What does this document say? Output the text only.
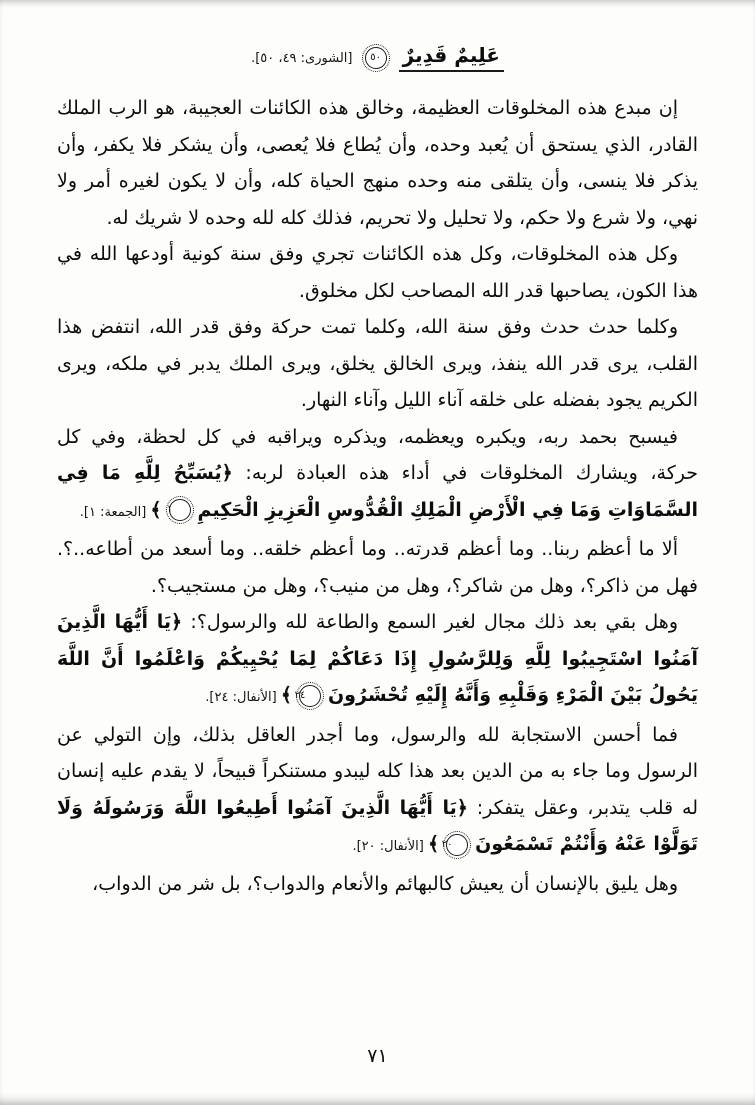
عَلِيمٌ قَدِيرٌ ٥٠ [الشورى: ٤٩، ٥٠].

إن مبدع هذه المخلوقات العظيمة، وخالق هذه الكائنات العجيبة، هو الرب الملك القادر، الذي يستحق أن يُعبد وحده، وأن يُطاع فلا يُعصى، وأن يشكر فلا يكفر، وأن يذكر فلا ينسى، وأن يتلقى منه وحده منهج الحياة كله، وأن لا يكون لغيره أمر ولا نهي، ولا شرع ولا حكم، ولا تحليل ولا تحريم، فذلك كله لله وحده لا شريك له.

وكل هذه المخلوقات، وكل هذه الكائنات تجري وفق سنة كونية أودعها الله في هذا الكون، يصاحبها قدر الله المصاحب لكل مخلوق.

وكلما حدث حدث وفق سنة الله، وكلما تمت حركة وفق قدر الله، انتفض هذا القلب، يرى قدر الله ينفذ، ويرى الخالق يخلق، ويرى الملك يدبر في ملكه، ويرى الكريم يجود بفضله على خلقه آناء الليل وآناء النهار.

فيسبح بحمد ربه، ويكبره ويعظمه، ويذكره ويراقبه في كل لحظة، وفي كل حركة، ويشارك المخلوقات في أداء هذه العبادة لربه: ﴿يُسَبِّحُ لِلَّهِ مَا فِي السَّمَاوَاتِ وَمَا فِي الْأَرْضِ الْمَلِكِ الْقُدُّوسِ الْعَزِيزِ الْحَكِيمِ١﴾ [الجمعة: ١].

ألا ما أعظم ربنا.. وما أعظم قدرته.. وما أعظم خلقه.. وما أسعد من أطاعه..؟. فهل من ذاكر؟، وهل من شاكر؟، وهل من منيب؟، وهل من مستجيب؟.

وهل بقي بعد ذلك مجال لغير السمع والطاعة لله والرسول؟: ﴿يَا أَيُّهَا الَّذِينَ آمَنُوا اسْتَجِيبُوا لِلَّهِ وَلِلرَّسُولِ إِذَا دَعَاكُمْ لِمَا يُحْيِيكُمْ وَاعْلَمُوا أَنَّ اللَّهَ يَحُولُ بَيْنَ الْمَرْءِ وَقَلْبِهِ وَأَنَّهُ إِلَيْهِ تُحْشَرُونَ٢٤﴾ [الأنفال: ٢٤].

فما أحسن الاستجابة لله والرسول، وما أجدر العاقل بذلك، وإن التولي عن الرسول وما جاء به من الدين بعد هذا كله ليبدو مستنكراً قبيحاً، لا يقدم عليه إنسان له قلب يتدبر، وعقل يتفكر: ﴿يَا أَيُّهَا الَّذِينَ آمَنُوا أَطِيعُوا اللَّهَ وَرَسُولَهُ وَلَا تَوَلَّوْا عَنْهُ وَأَنْتُمْ تَسْمَعُونَ٢٠﴾ [الأنفال: ٢٠].

وهل يليق بالإنسان أن يعيش كالبهائم والأنعام والدواب؟، بل شر من الدواب،

٧١
